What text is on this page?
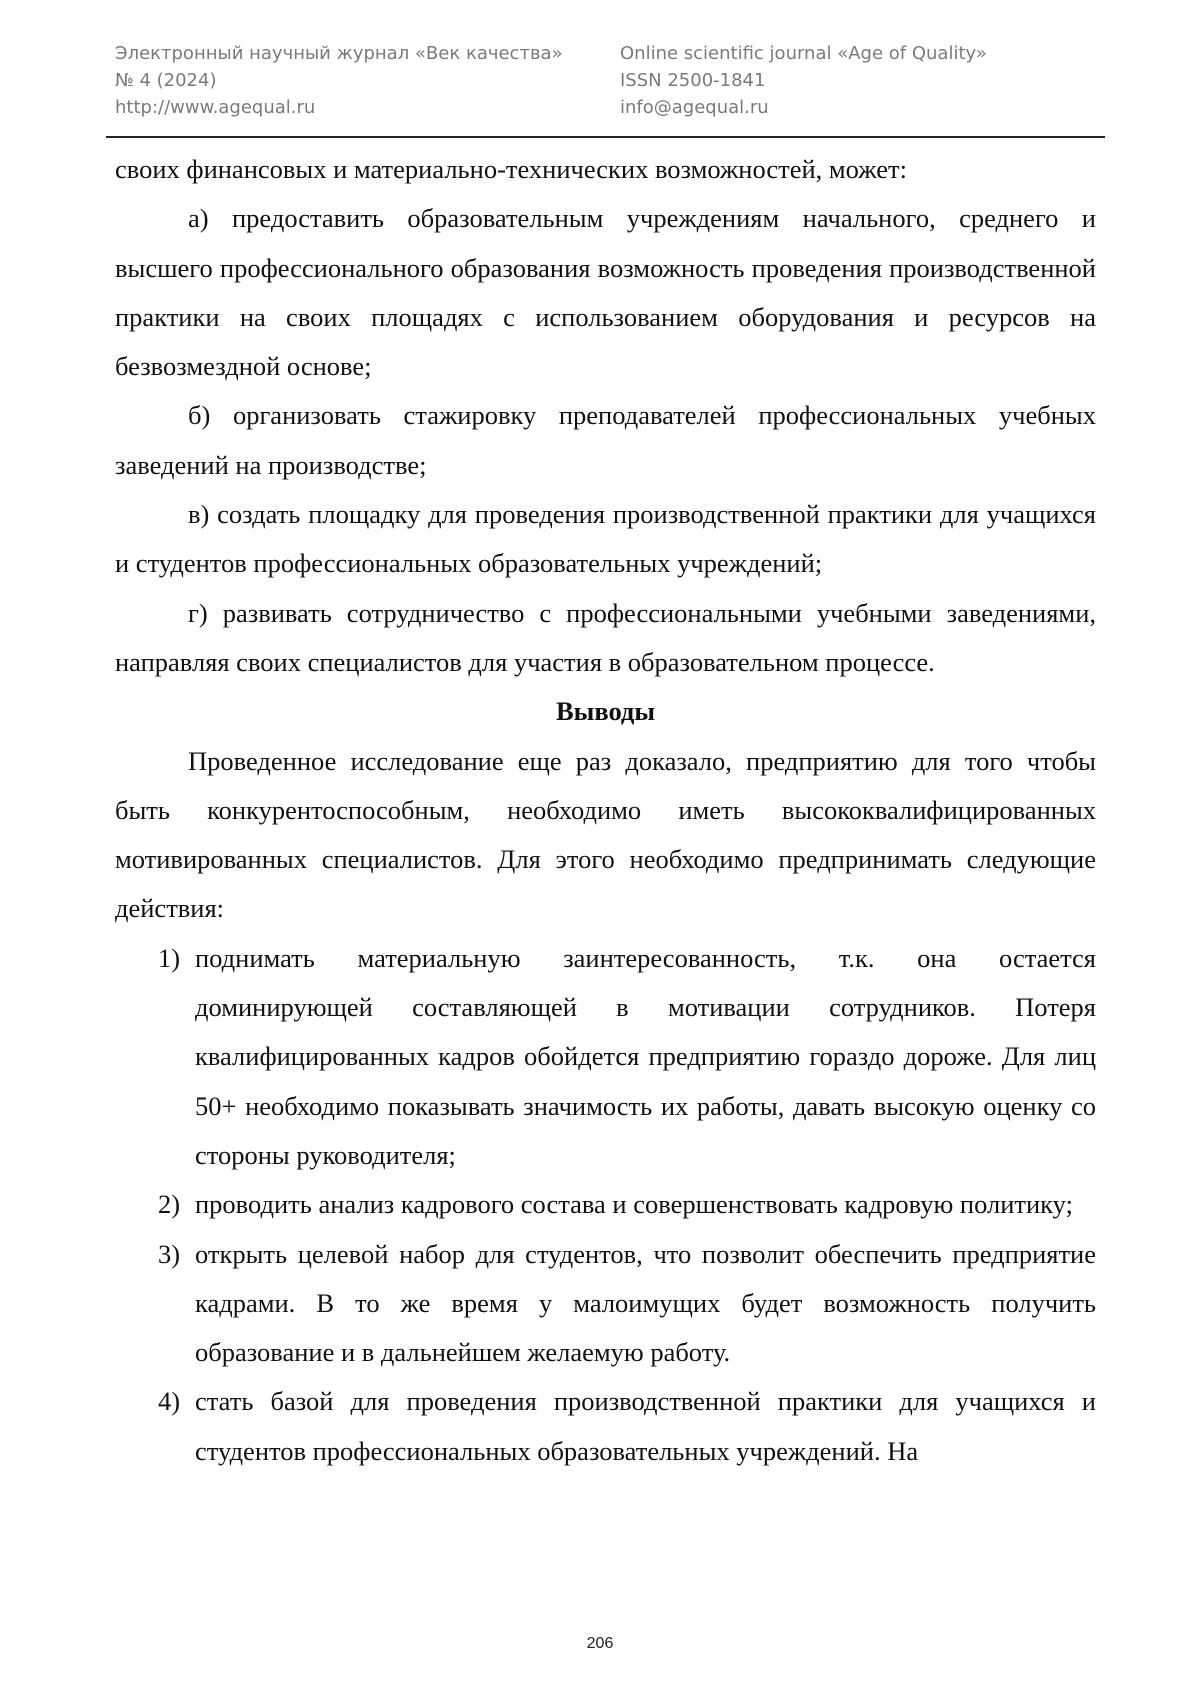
Электронный научный журнал «Век качества»
№ 4 (2024)
http://www.agequal.ru
Online scientific journal «Age of Quality»
ISSN 2500-1841
info@agequal.ru

своих финансовых и материально-технических возможностей, может:

а) предоставить образовательным учреждениям начального, среднего и высшего профессионального образования возможность проведения производственной практики на своих площадях с использованием оборудования и ресурсов на безвозмездной основе;

б) организовать стажировку преподавателей профессиональных учебных заведений на производстве;

в) создать площадку для проведения производственной практики для учащихся и студентов профессиональных образовательных учреждений;

г) развивать сотрудничество с профессиональными учебными заведениями, направляя своих специалистов для участия в образовательном процессе.

Выводы

Проведенное исследование еще раз доказало, предприятию для того чтобы быть конкурентоспособным, необходимо иметь высококвалифицированных мотивированных специалистов. Для этого необходимо предпринимать следующие действия:

1) поднимать материальную заинтересованность, т.к. она остается доминирующей составляющей в мотивации сотрудников. Потеря квалифицированных кадров обойдется предприятию гораздо дороже. Для лиц 50+ необходимо показывать значимость их работы, давать высокую оценку со стороны руководителя;
2) проводить анализ кадрового состава и совершенствовать кадровую политику;
3) открыть целевой набор для студентов, что позволит обеспечить предприятие кадрами. В то же время у малоимущих будет возможность получить образование и в дальнейшем желаемую работу.
4) стать базой для проведения производственной практики для учащихся и студентов профессиональных образовательных учреждений. На
206
